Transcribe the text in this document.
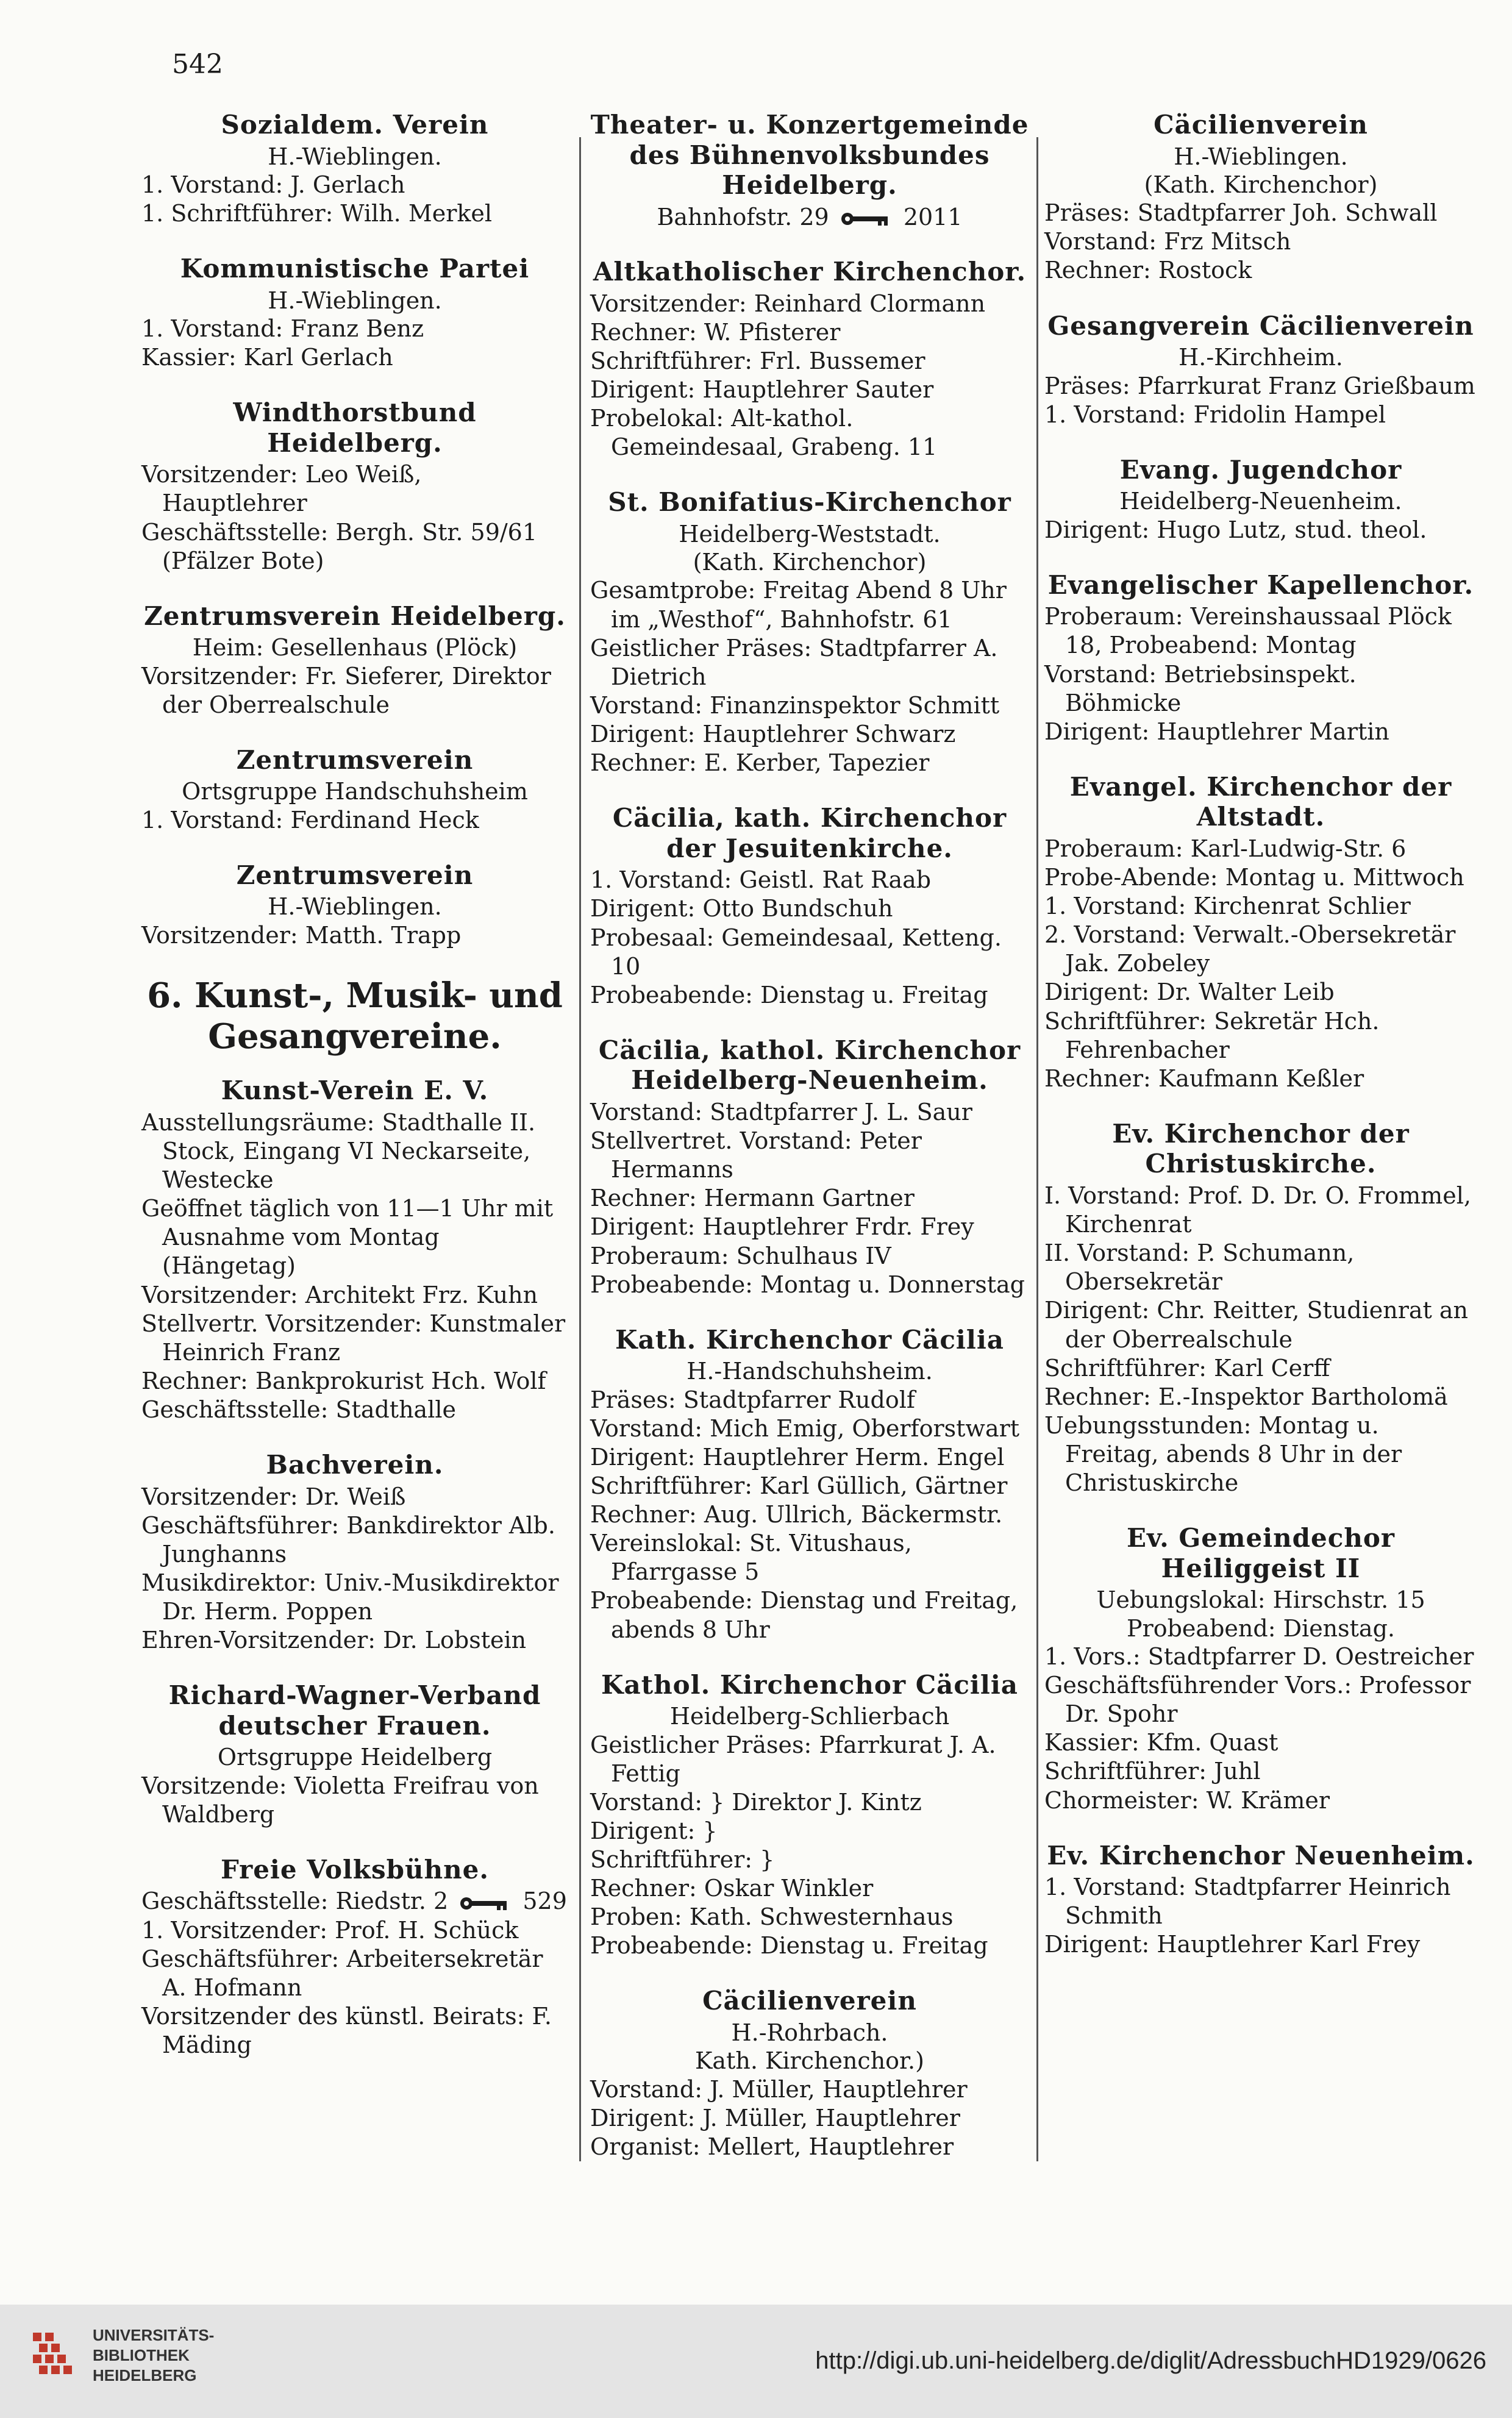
542
Sozialdem. Verein
H.-Wieblingen.
1. Vorstand: J. Gerlach
1. Schriftführer: Wilh. Merkel
Kommunistische Partei
H.-Wieblingen.
1. Vorstand: Franz Benz
Kassier: Karl Gerlach
Windthorstbund Heidelberg.
Vorsitzender: Leo Weiß, Hauptlehrer
Geschäftsstelle: Bergh. Str. 59/61 (Pfälzer Bote)
Zentrumsverein Heidelberg.
Heim: Gesellenhaus (Plöck)
Vorsitzender: Fr. Sieferer, Direktor der Oberrealschule
Zentrumsverein
Ortsgruppe Handschuhsheim
1. Vorstand: Ferdinand Heck
Zentrumsverein
H.-Wieblingen.
Vorsitzender: Matth. Trapp
6. Kunst-, Musik- und Gesangvereine.
Kunst-Verein E. V.
Ausstellungsräume: Stadthalle II. Stock, Eingang VI Neckarseite, Westecke
Geöffnet täglich von 11—1 Uhr mit Ausnahme vom Montag (Hängetag)
Vorsitzender: Architekt Frz. Kuhn
Stellvertr. Vorsitzender: Kunstmaler Heinrich Franz
Rechner: Bankprokurist Hch. Wolf
Geschäftsstelle: Stadthalle
Bachverein.
Vorsitzender: Dr. Weiß
Geschäftsführer: Bankdirektor Alb. Junghanns
Musikdirektor: Univ.-Musikdirektor Dr. Herm. Poppen
Ehren-Vorsitzender: Dr. Lobstein
Richard-Wagner-Verband deutscher Frauen.
Ortsgruppe Heidelberg
Vorsitzende: Violetta Freifrau von Waldberg
Freie Volksbühne.
Geschäftsstelle: Riedstr. 2	529
1. Vorsitzender: Prof. H. Schück
Geschäftsführer: Arbeitersekretär A. Hofmann
Vorsitzender des künstl. Beirats: F. Mäding
Theater- u. Konzertgemeinde des Bühnenvolksbundes Heidelberg.
Bahnhofstr. 29	2011
Altkatholischer Kirchenchor.
Vorsitzender: Reinhard Clormann
Rechner: W. Pfisterer
Schriftführer: Frl. Bussemer
Dirigent: Hauptlehrer Sauter
Probelokal: Alt-kathol. Gemeindesaal, Grabeng. 11
St. Bonifatius-Kirchenchor
Heidelberg-Weststadt.
(Kath. Kirchenchor)
Gesamtprobe: Freitag Abend 8 Uhr im „Westhof“, Bahnhofstr. 61
Geistlicher Präses: Stadtpfarrer A. Dietrich
Vorstand: Finanzinspektor Schmitt
Dirigent: Hauptlehrer Schwarz
Rechner: E. Kerber, Tapezier
Cäcilia, kath. Kirchenchor der Jesuitenkirche.
1. Vorstand: Geistl. Rat Raab
Dirigent: Otto Bundschuh
Probesaal: Gemeindesaal, Ketteng. 10
Probeabende: Dienstag u. Freitag
Cäcilia, kathol. Kirchenchor Heidelberg-Neuenheim.
Vorstand: Stadtpfarrer J. L. Saur
Stellvertret. Vorstand: Peter Hermanns
Rechner: Hermann Gartner
Dirigent: Hauptlehrer Frdr. Frey
Proberaum: Schulhaus IV
Probeabende: Montag u. Donnerstag
Kath. Kirchenchor Cäcilia
H.-Handschuhsheim.
Präses: Stadtpfarrer Rudolf
Vorstand: Mich Emig, Oberforstwart
Dirigent: Hauptlehrer Herm. Engel
Schriftführer: Karl Güllich, Gärtner
Rechner: Aug. Ullrich, Bäckermstr.
Vereinslokal: St. Vitushaus, Pfarrgasse 5
Probeabende: Dienstag und Freitag, abends 8 Uhr
Kathol. Kirchenchor Cäcilia
Heidelberg-Schlierbach
Geistlicher Präses: Pfarrkurat J. A. Fettig
Vorstand: } Direktor J. Kintz
Dirigent: }
Schriftführer: }
Rechner: Oskar Winkler
Proben: Kath. Schwesternhaus
Probeabende: Dienstag u. Freitag
Cäcilienverein
H.-Rohrbach.
Kath. Kirchenchor.)
Vorstand: J. Müller, Hauptlehrer
Dirigent: J. Müller, Hauptlehrer
Organist: Mellert, Hauptlehrer
Cäcilienverein
H.-Wieblingen.
(Kath. Kirchenchor)
Präses: Stadtpfarrer Joh. Schwall
Vorstand: Frz Mitsch
Rechner: Rostock
Gesangverein Cäcilienverein
H.-Kirchheim.
Präses: Pfarrkurat Franz Grießbaum
1. Vorstand: Fridolin Hampel
Evang. Jugendchor
Heidelberg-Neuenheim.
Dirigent: Hugo Lutz, stud. theol.
Evangelischer Kapellenchor.
Proberaum: Vereinshaussaal Plöck 18, Probeabend: Montag
Vorstand: Betriebsinspekt. Böhmicke
Dirigent: Hauptlehrer Martin
Evangel. Kirchenchor der Altstadt.
Proberaum: Karl-Ludwig-Str. 6
Probe-Abende: Montag u. Mittwoch
1. Vorstand: Kirchenrat Schlier
2. Vorstand: Verwalt.-Obersekretär Jak. Zobeley
Dirigent: Dr. Walter Leib
Schriftführer: Sekretär Hch. Fehrenbacher
Rechner: Kaufmann Keßler
Ev. Kirchenchor der Christuskirche.
I. Vorstand: Prof. D. Dr. O. Frommel, Kirchenrat
II. Vorstand: P. Schumann, Obersekretär
Dirigent: Chr. Reitter, Studienrat an der Oberrealschule
Schriftführer: Karl Cerff
Rechner: E.-Inspektor Bartholomä
Uebungsstunden: Montag u. Freitag, abends 8 Uhr in der Christuskirche
Ev. Gemeindechor Heiliggeist II
Uebungslokal: Hirschstr. 15
Probeabend: Dienstag.
1. Vors.: Stadtpfarrer D. Oestreicher
Geschäftsführender Vors.: Professor Dr. Spohr
Kassier: Kfm. Quast
Schriftführer: Juhl
Chormeister: W. Krämer
Ev. Kirchenchor Neuenheim.
1. Vorstand: Stadtpfarrer Heinrich Schmith
Dirigent: Hauptlehrer Karl Frey
UNIVERSITÄTS-
BIBLIOTHEK
HEIDELBERG
http://digi.ub.uni-heidelberg.de/diglit/AdressbuchHD1929/0626
